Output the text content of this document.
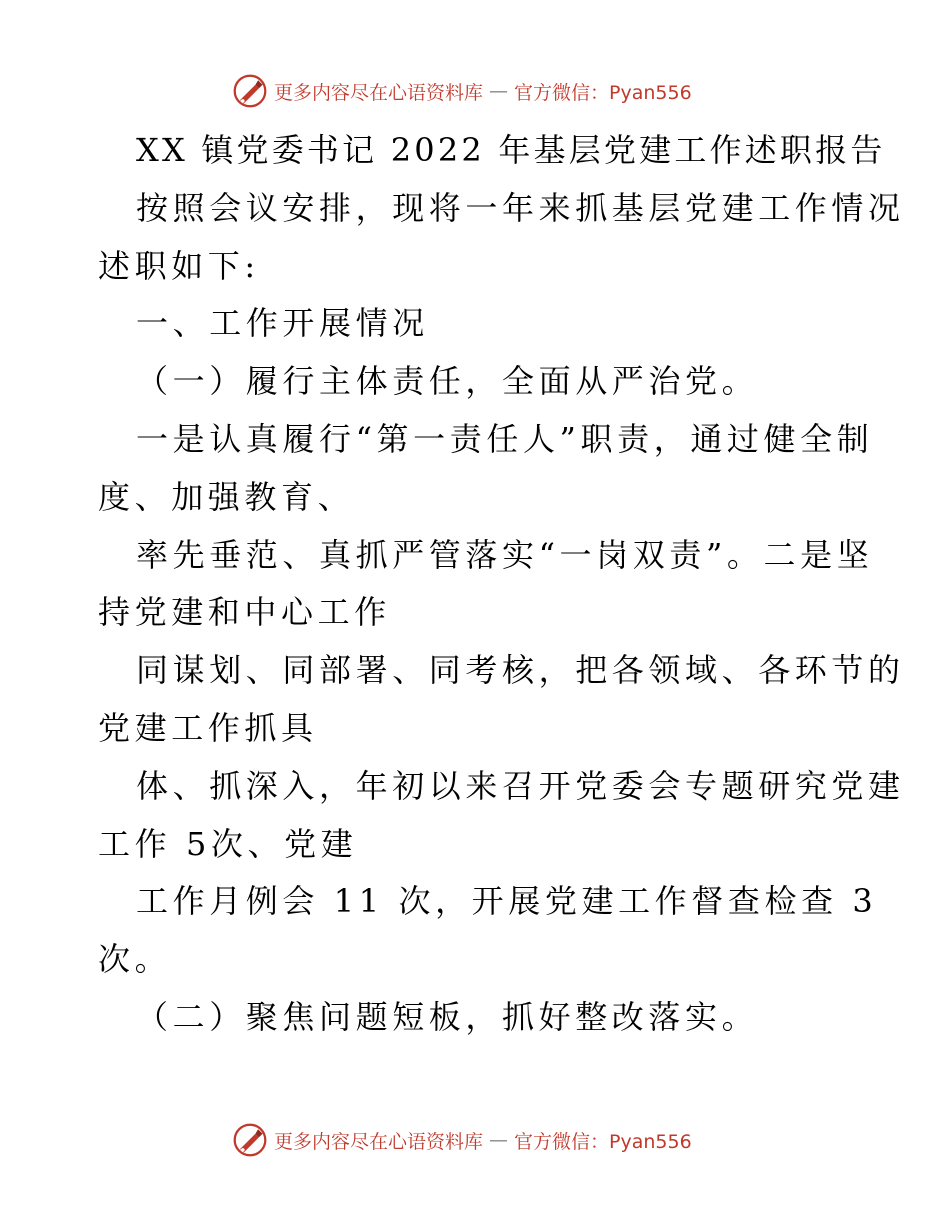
更多内容尽在心语资料库 — 官方微信：Pyan556
XX 镇党委书记 2022 年基层党建工作述职报告
按照会议安排，现将一年来抓基层党建工作情况
述职如下:
一、工作开展情况
（一）履行主体责任，全面从严治党。
一是认真履行“第一责任人”职责，通过健全制
度、加强教育、
率先垂范、真抓严管落实“一岗双责”。二是坚
持党建和中心工作
同谋划、同部署、同考核，把各领域、各环节的
党建工作抓具
体、抓深入，年初以来召开党委会专题研究党建
工作 5次、党建
工作月例会 11 次，开展党建工作督查检查 3
次。
（二）聚焦问题短板，抓好整改落实。
更多内容尽在心语资料库 — 官方微信：Pyan556
